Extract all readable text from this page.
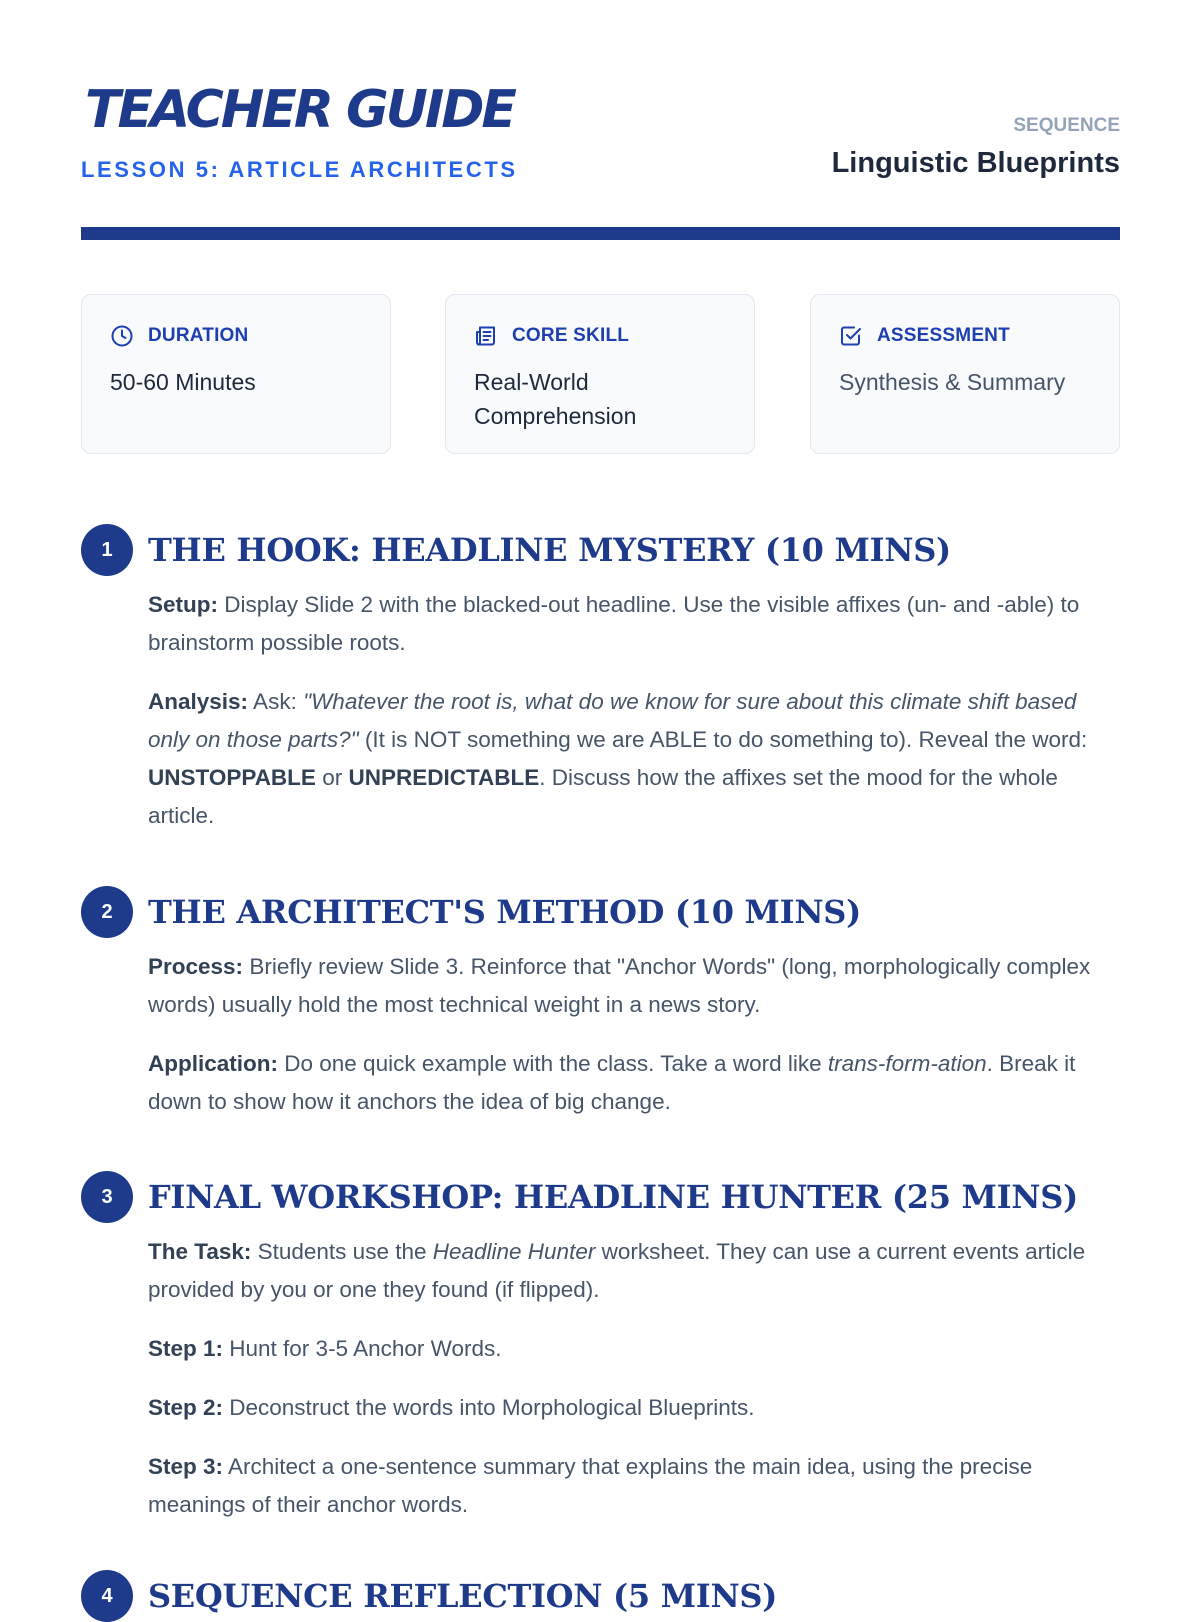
TEACHER GUIDE
LESSON 5: ARTICLE ARCHITECTS
SEQUENCE
Linguistic Blueprints
DURATION
50-60 Minutes
CORE SKILL
Real-World Comprehension
ASSESSMENT
Synthesis & Summary
1	THE HOOK: HEADLINE MYSTERY (10 MINS)

Setup: Display Slide 2 with the blacked-out headline. Use the visible affixes (un- and -able) to brainstorm possible roots.

Analysis: Ask: "Whatever the root is, what do we know for sure about this climate shift based only on those parts?" (It is NOT something we are ABLE to do something to). Reveal the word: UNSTOPPABLE or UNPREDICTABLE. Discuss how the affixes set the mood for the whole article.

2	THE ARCHITECT'S METHOD (10 MINS)

Process: Briefly review Slide 3. Reinforce that "Anchor Words" (long, morphologically complex words) usually hold the most technical weight in a news story.

Application: Do one quick example with the class. Take a word like trans-form-ation. Break it down to show how it anchors the idea of big change.

3	FINAL WORKSHOP: HEADLINE HUNTER (25 MINS)

The Task: Students use the Headline Hunter worksheet. They can use a current events article provided by you or one they found (if flipped).

Step 1: Hunt for 3-5 Anchor Words.

Step 2: Deconstruct the words into Morphological Blueprints.

Step 3: Architect a one-sentence summary that explains the main idea, using the precise meanings of their anchor words.

4	SEQUENCE REFLECTION (5 MINS)
